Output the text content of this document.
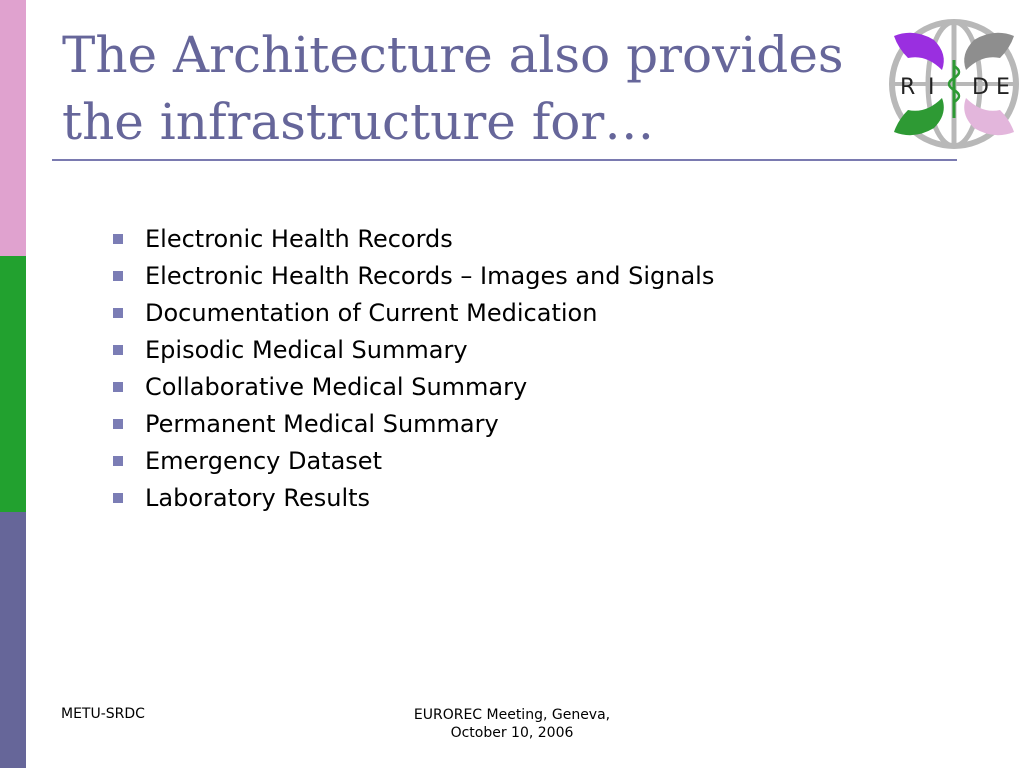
The Architecture also provides the infrastructure for…
R I D E
Electronic Health Records
Electronic Health Records – Images and Signals
Documentation of Current Medication
Episodic Medical Summary
Collaborative Medical Summary
Permanent Medical Summary
Emergency Dataset
Laboratory Results
METU-SRDC	EUROREC Meeting, Geneva,
October 10, 2006
